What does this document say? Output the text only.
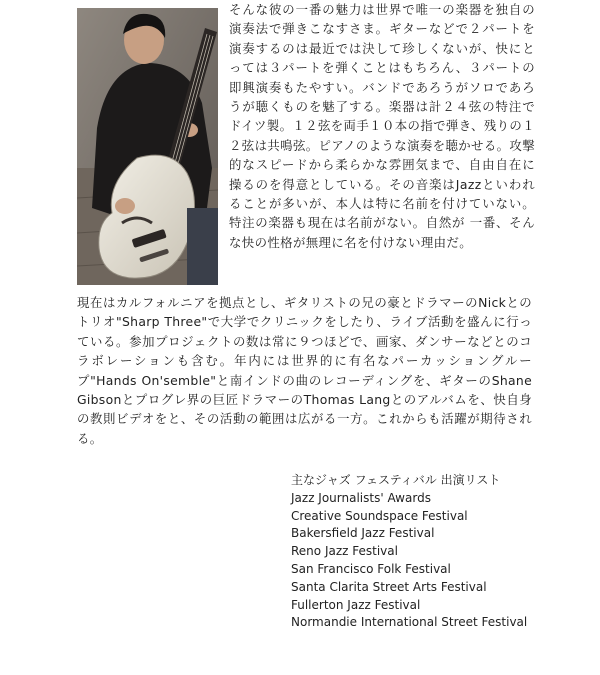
そんな彼の一番の魅力は世界で唯一の楽器を独自の演奏法で弾きこなすさま。ギターなどで２パートを演奏するのは最近では決して珍しくないが、快にとっては３パートを弾くことはもちろん、３パートの即興演奏もたやすい。バンドであろうがソロであろうが聴くものを魅了する。楽器は計２４弦の特注でドイツ製。１２弦を両手１０本の指で弾き、残りの１２弦は共鳴弦。ピアノのような演奏を聴かせる。攻撃的なスピードから柔らかな雰囲気まで、自由自在に操るのを得意としている。その音楽はJazzといわれることが多いが、本人は特に名前を付けていない。特注の楽器も現在は名前がない。自然が 一番、そんな快の性格が無理に名を付けない理由だ。

現在はカルフォルニアを拠点とし、ギタリストの兄の豪とドラマーのNickとのトリオ"Sharp Three"で大学でクリニックをしたり、ライブ活動を盛んに行っている。参加プロジェクトの数は常に９つほどで、画家、ダンサーなどとのコラボレーションも含む。年内には世界的に有名なパーカッショングループ"Hands On'semble"と南インドの曲のレコーディングを、ギターのShane Gibsonとプログレ界の巨匠ドラマーのThomas Langとのアルバムを、快自身の教則ビデオをと、その活動の範囲は広がる一方。これからも活躍が期待される。

主なジャズ フェスティバル 出演リスト
Jazz Journalists' Awards
Creative Soundspace Festival
Bakersfield Jazz Festival
Reno Jazz Festival
San Francisco Folk Festival
Santa Clarita Street Arts Festival
Fullerton Jazz Festival
Normandie International Street Festival
